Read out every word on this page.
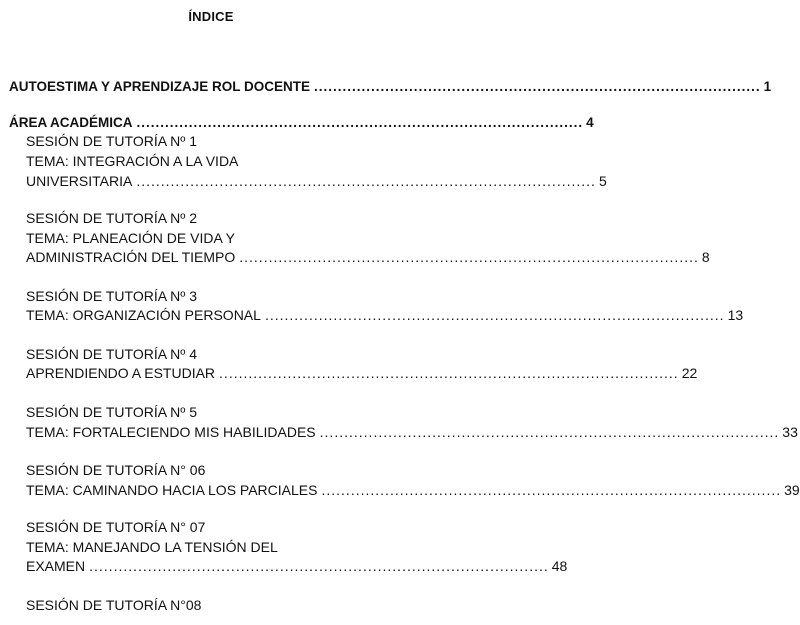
ÍNDICE
AUTOESTIMA Y APRENDIZAJE ROL DOCENTE .............................................................................................. 1
ÁREA ACADÉMICA .............................................................................................. 4
SESIÓN DE TUTORÍA Nº 1
TEMA: INTEGRACIÓN A LA VIDA
UNIVERSITARIA .............................................................................................. 5
SESIÓN DE TUTORÍA Nº 2
TEMA: PLANEACIÓN DE VIDA Y
ADMINISTRACIÓN DEL TIEMPO .............................................................................................. 8
SESIÓN DE TUTORÍA Nº 3
TEMA: ORGANIZACIÓN PERSONAL .............................................................................................. 13
SESIÓN DE TUTORÍA Nº 4
APRENDIENDO A ESTUDIAR .............................................................................................. 22
SESIÓN DE TUTORÍA Nº 5
TEMA: FORTALECIENDO MIS HABILIDADES .............................................................................................. 33
SESIÓN DE TUTORÍA N° 06
TEMA: CAMINANDO HACIA LOS PARCIALES .............................................................................................. 39
SESIÓN DE TUTORÍA N° 07
TEMA: MANEJANDO LA TENSIÓN DEL
EXAMEN .............................................................................................. 48
SESIÓN DE TUTORÍA N°08
